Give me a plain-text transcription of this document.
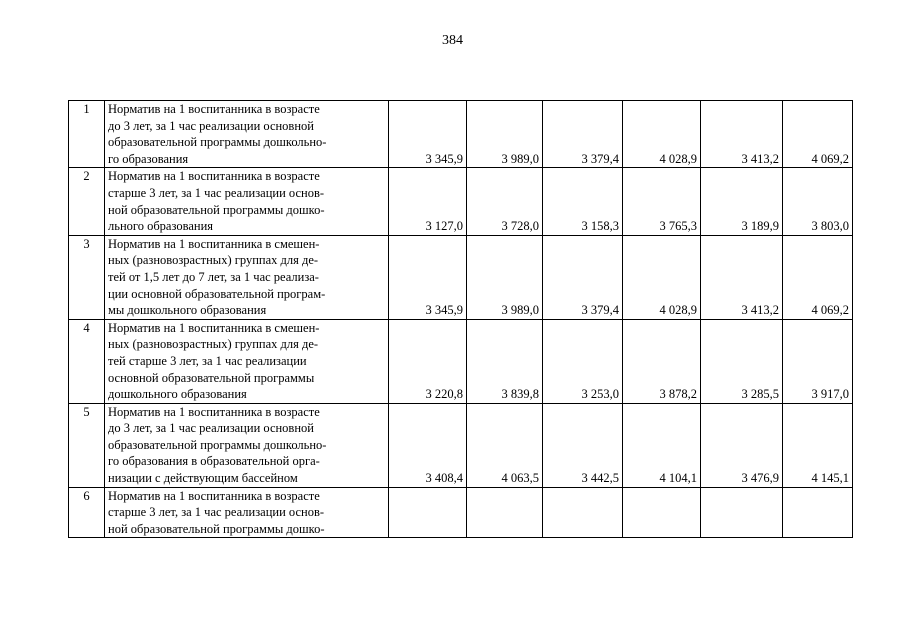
384
1	Норматив на 1 воспитанника в возрасте
до 3 лет, за 1 час реализации основной
образовательной программы дошкольно-
го образования	3 345,9	3 989,0	3 379,4	4 028,9	3 413,2	4 069,2
2	Норматив на 1 воспитанника в возрасте
старше 3 лет, за 1 час реализации основ-
ной образовательной программы дошко-
льного образования	3 127,0	3 728,0	3 158,3	3 765,3	3 189,9	3 803,0
3	Норматив на 1 воспитанника в смешен-
ных (разновозрастных) группах для де-
тей от 1,5 лет до 7 лет, за 1 час реализа-
ции основной образовательной програм-
мы дошкольного образования	3 345,9	3 989,0	3 379,4	4 028,9	3 413,2	4 069,2
4	Норматив на 1 воспитанника в смешен-
ных (разновозрастных) группах для де-
тей старше 3 лет, за 1 час реализации
основной образовательной программы
дошкольного образования	3 220,8	3 839,8	3 253,0	3 878,2	3 285,5	3 917,0
5	Норматив на 1 воспитанника в возрасте
до 3 лет, за 1 час реализации основной
образовательной программы дошкольно-
го образования в образовательной орга-
низации с действующим бассейном	3 408,4	4 063,5	3 442,5	4 104,1	3 476,9	4 145,1
6	Норматив на 1 воспитанника в возрасте
старше 3 лет, за 1 час реализации основ-
ной образовательной программы дошко-						
